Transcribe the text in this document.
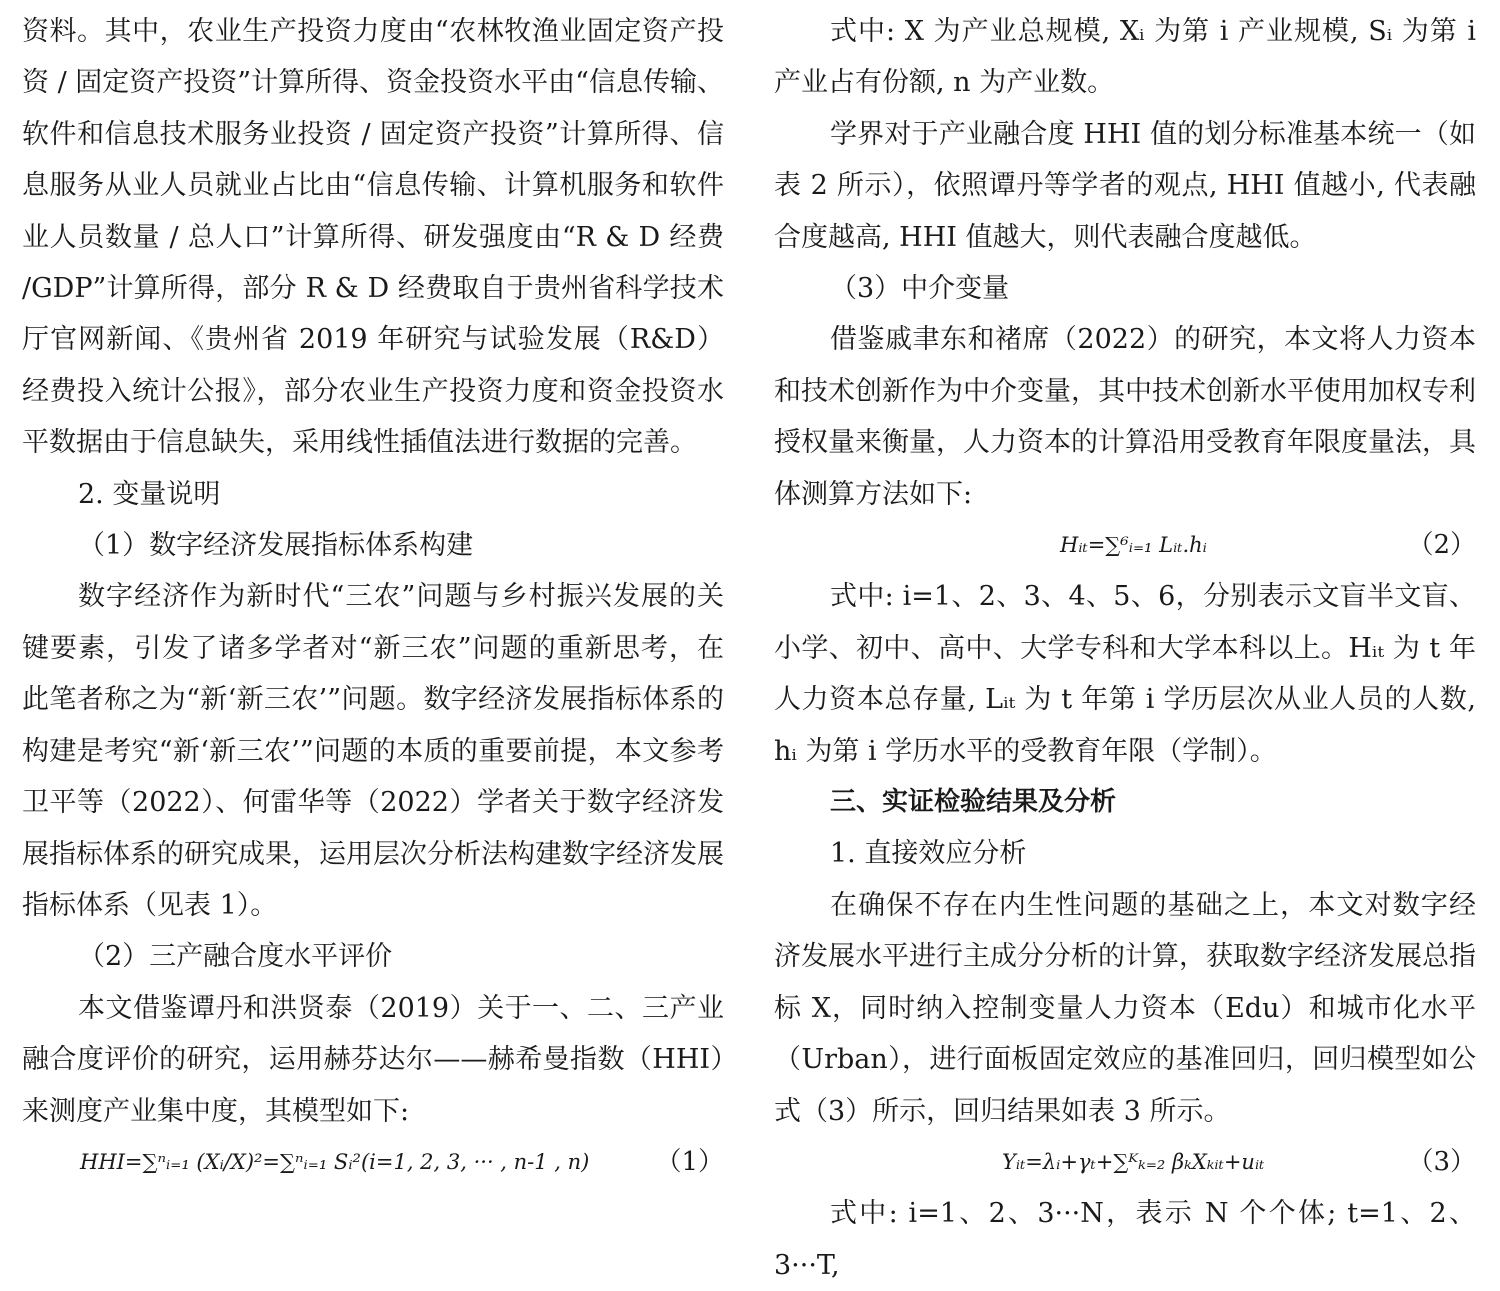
资料。其中，农业生产投资力度由“农林牧渔业固定资产投资 / 固定资产投资”计算所得、资金投资水平由“信息传输、软件和信息技术服务业投资 / 固定资产投资”计算所得、信息服务从业人员就业占比由“信息传输、计算机服务和软件业人员数量 / 总人口”计算所得、研发强度由“R & D 经费 /GDP”计算所得，部分 R & D 经费取自于贵州省科学技术厅官网新闻、《贵州省 2019 年研究与试验发展（R&D）经费投入统计公报》，部分农业生产投资力度和资金投资水平数据由于信息缺失，采用线性插值法进行数据的完善。

2. 变量说明

（1）数字经济发展指标体系构建

数字经济作为新时代“三农”问题与乡村振兴发展的关键要素，引发了诸多学者对“新三农”问题的重新思考，在此笔者称之为“新‘新三农’”问题。数字经济发展指标体系的构建是考究“新‘新三农’”问题的本质的重要前提，本文参考卫平等（2022）、何雷华等（2022）学者关于数字经济发展指标体系的研究成果，运用层次分析法构建数字经济发展指标体系（见表 1）。

（2）三产融合度水平评价

本文借鉴谭丹和洪贤泰（2019）关于一、二、三产业融合度评价的研究，运用赫芬达尔——赫希曼指数（HHI）来测度产业集中度，其模型如下:

HHI=∑ⁿᵢ₌₁ (Xᵢ/X)²=∑ⁿᵢ₌₁ Sᵢ²(i=1, 2, 3, ··· , n-1 , n)	（1）

式中: X 为产业总规模, Xᵢ 为第 i 产业规模, Sᵢ 为第 i 产业占有份额, n 为产业数。

学界对于产业融合度 HHI 值的划分标准基本统一（如表 2 所示），依照谭丹等学者的观点, HHI 值越小, 代表融合度越高, HHI 值越大，则代表融合度越低。

（3）中介变量

借鉴戚聿东和褚席（2022）的研究，本文将人力资本和技术创新作为中介变量，其中技术创新水平使用加权专利授权量来衡量，人力资本的计算沿用受教育年限度量法，具体测算方法如下:

Hᵢₜ=∑⁶ᵢ₌₁ Lᵢₜ.hᵢ	（2）

式中: i=1、2、3、4、5、6，分别表示文盲半文盲、小学、初中、高中、大学专科和大学本科以上。Hᵢₜ 为 t 年人力资本总存量, Lᵢₜ 为 t 年第 i 学历层次从业人员的人数, hᵢ 为第 i 学历水平的受教育年限（学制）。

三、实证检验结果及分析

1. 直接效应分析

在确保不存在内生性问题的基础之上，本文对数字经济发展水平进行主成分分析的计算，获取数字经济发展总指标 X，同时纳入控制变量人力资本（Edu）和城市化水平（Urban），进行面板固定效应的基准回归，回归模型如公式（3）所示，回归结果如表 3 所示。

Yᵢₜ=λᵢ+γₜ+∑ᴷₖ₌₂ βₖXₖᵢₜ+uᵢₜ	（3）

式中: i=1、2、3···N，表示 N 个个体; t=1、2、3···T,
